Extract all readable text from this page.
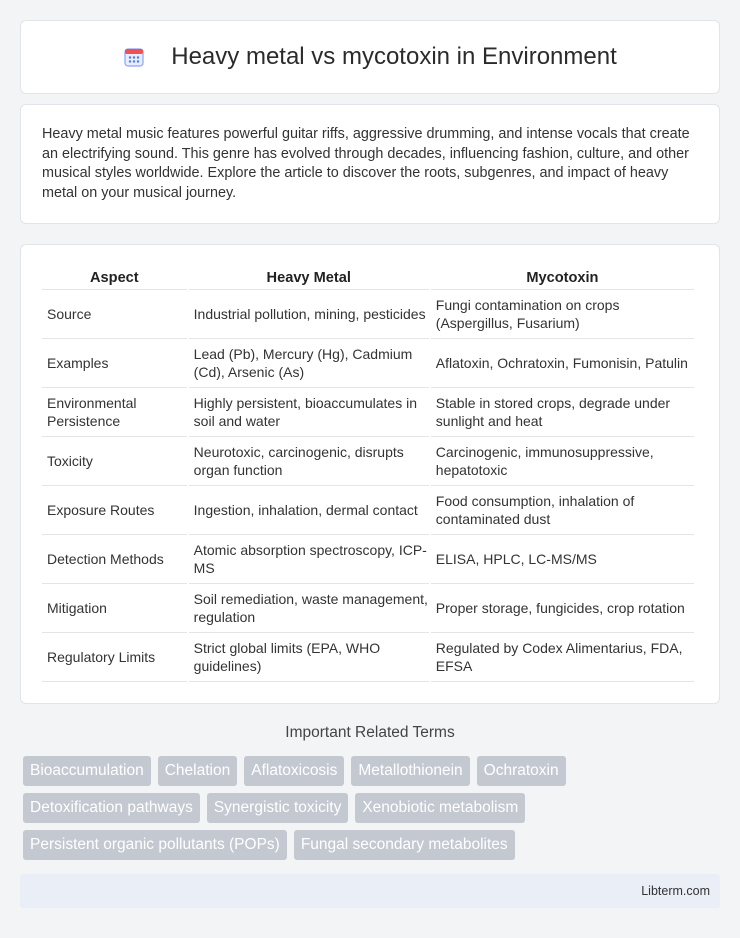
Heavy metal vs mycotoxin in Environment

Heavy metal music features powerful guitar riffs, aggressive drumming, and intense vocals that create an electrifying sound. This genre has evolved through decades, influencing fashion, culture, and other musical styles worldwide. Explore the article to discover the roots, subgenres, and impact of heavy metal on your musical journey.

Aspect	Heavy Metal	Mycotoxin
Source	Industrial pollution, mining, pesticides	Fungi contamination on crops (Aspergillus, Fusarium)
Examples	Lead (Pb), Mercury (Hg), Cadmium (Cd), Arsenic (As)	Aflatoxin, Ochratoxin, Fumonisin, Patulin
Environmental Persistence	Highly persistent, bioaccumulates in soil and water	Stable in stored crops, degrade under sunlight and heat
Toxicity	Neurotoxic, carcinogenic, disrupts organ function	Carcinogenic, immunosuppressive, hepatotoxic
Exposure Routes	Ingestion, inhalation, dermal contact	Food consumption, inhalation of contaminated dust
Detection Methods	Atomic absorption spectroscopy, ICP-MS	ELISA, HPLC, LC-MS/MS
Mitigation	Soil remediation, waste management, regulation	Proper storage, fungicides, crop rotation
Regulatory Limits	Strict global limits (EPA, WHO guidelines)	Regulated by Codex Alimentarius, FDA, EFSA
Important Related Terms
Bioaccumulation	Chelation	Aflatoxicosis	Metallothionein	Ochratoxin
Detoxification pathways	Synergistic toxicity	Xenobiotic metabolism
Persistent organic pollutants (POPs)	Fungal secondary metabolites
Libterm.com
